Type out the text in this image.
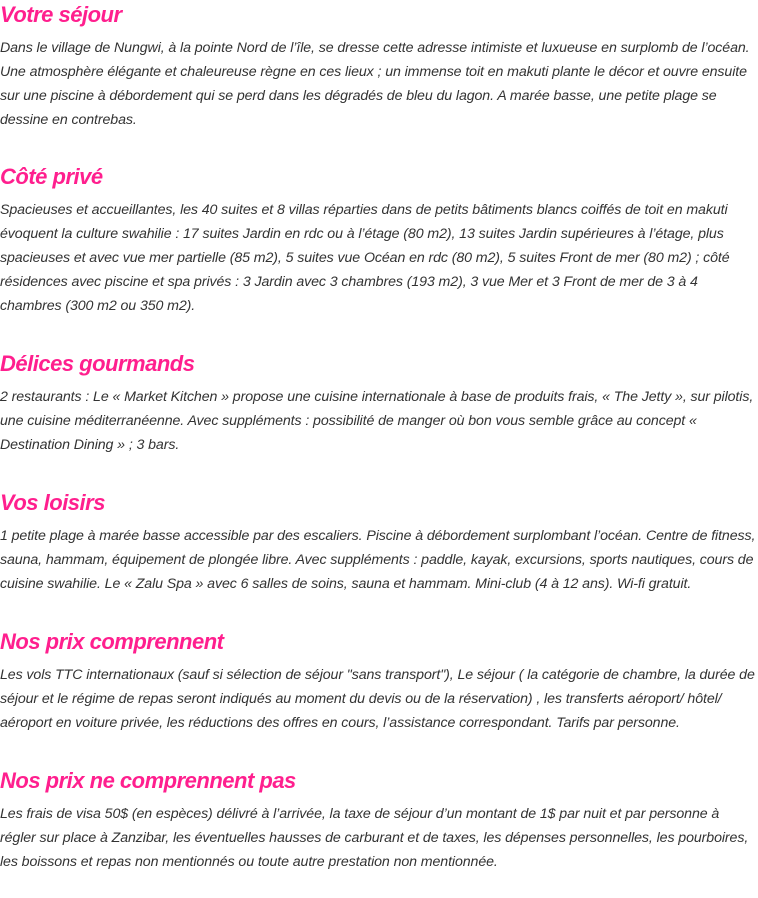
Votre séjour

Dans le village de Nungwi, à la pointe Nord de l’île, se dresse cette adresse intimiste et luxueuse en surplomb de l’océan. Une atmosphère élégante et chaleureuse règne en ces lieux ; un immense toit en makuti plante le décor et ouvre ensuite sur une piscine à débordement qui se perd dans les dégradés de bleu du lagon. A marée basse, une petite plage se dessine en contrebas.

Côté privé

Spacieuses et accueillantes, les 40 suites et 8 villas réparties dans de petits bâtiments blancs coiffés de toit en makuti évoquent la culture swahilie : 17 suites Jardin en rdc ou à l’étage (80 m2), 13 suites Jardin supérieures à l’étage, plus spacieuses et avec vue mer partielle (85 m2), 5 suites vue Océan en rdc (80 m2), 5 suites Front de mer (80 m2) ; côté résidences avec piscine et spa privés : 3 Jardin avec 3 chambres (193 m2), 3 vue Mer et 3 Front de mer de 3 à 4 chambres (300 m2 ou 350 m2).

Délices gourmands

2 restaurants : Le « Market Kitchen » propose une cuisine internationale à base de produits frais, « The Jetty », sur pilotis, une cuisine méditerranéenne. Avec suppléments : possibilité de manger où bon vous semble grâce au concept « Destination Dining » ; 3 bars.

Vos loisirs

1 petite plage à marée basse accessible par des escaliers. Piscine à débordement surplombant l’océan. Centre de fitness, sauna, hammam, équipement de plongée libre. Avec suppléments : paddle, kayak, excursions, sports nautiques, cours de cuisine swahilie. Le « Zalu Spa » avec 6 salles de soins, sauna et hammam. Mini-club (4 à 12 ans). Wi-fi gratuit.

Nos prix comprennent

Les vols TTC internationaux (sauf si sélection de séjour "sans transport"), Le séjour ( la catégorie de chambre, la durée de séjour et le régime de repas seront indiqués au moment du devis ou de la réservation) , les transferts aéroport/ hôtel/ aéroport en voiture privée, les réductions des offres en cours, l’assistance correspondant. Tarifs par personne.

Nos prix ne comprennent pas

Les frais de visa 50$ (en espèces) délivré à l’arrivée, la taxe de séjour d’un montant de 1$ par nuit et par personne à régler sur place à Zanzibar, les éventuelles hausses de carburant et de taxes, les dépenses personnelles, les pourboires, les boissons et repas non mentionnés ou toute autre prestation non mentionnée.
